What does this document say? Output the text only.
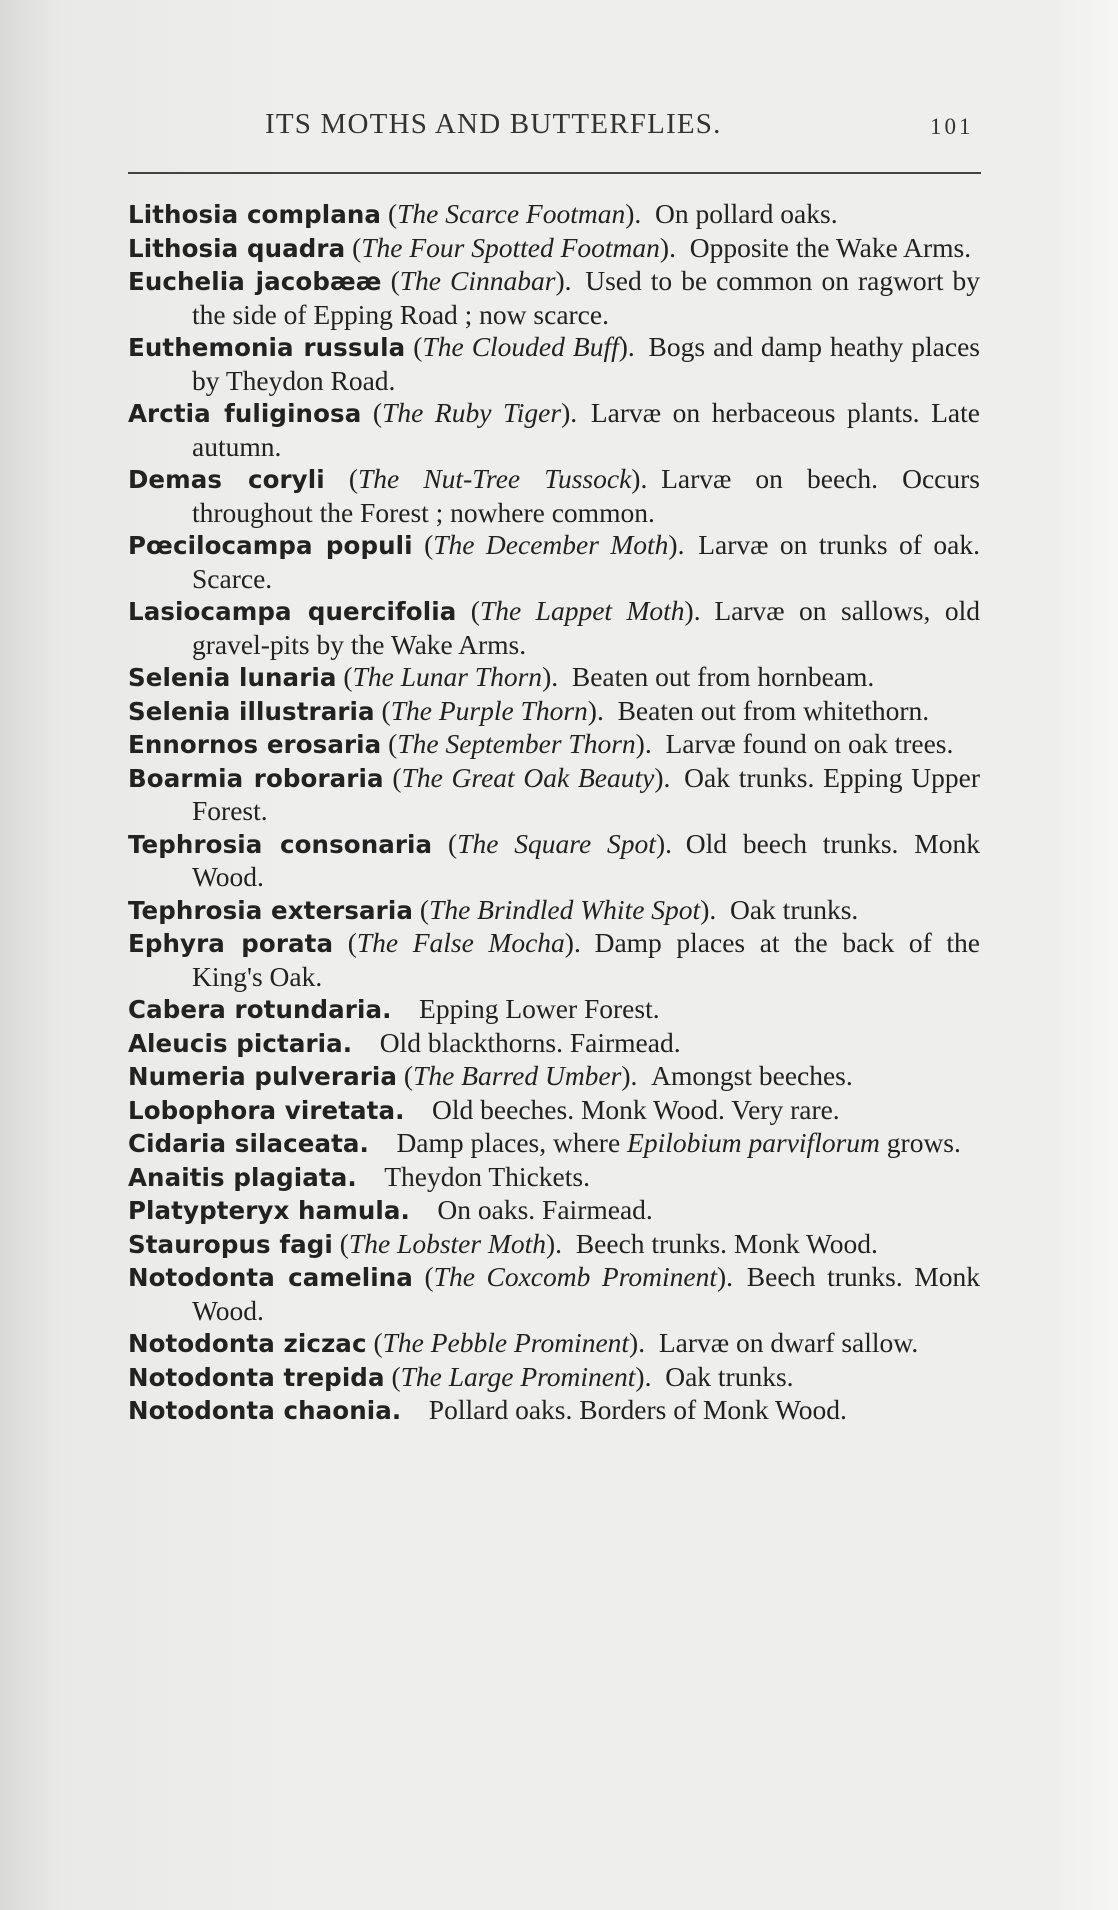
ITS MOTHS AND BUTTERFLIES.	101

Lithosia complana (The Scarce Footman).  On pollard oaks.

Lithosia quadra (The Four Spotted Footman).  Opposite the Wake Arms.

Euchelia jacobææ (The Cinnabar).  Used to be common on ragwort by the side of Epping Road ; now scarce.

Euthemonia russula (The Clouded Buff).  Bogs and damp heathy places by Theydon Road.

Arctia fuliginosa (The Ruby Tiger).  Larvæ on herbaceous plants. Late autumn.

Demas coryli (The Nut-Tree Tussock).  Larvæ on beech. Occurs throughout the Forest ; nowhere common.

Pœcilocampa populi (The December Moth).  Larvæ on trunks of oak. Scarce.

Lasiocampa quercifolia (The Lappet Moth).  Larvæ on sallows, old gravel-pits by the Wake Arms.

Selenia lunaria (The Lunar Thorn).  Beaten out from hornbeam.

Selenia illustraria (The Purple Thorn).  Beaten out from whitethorn.

Ennornos erosaria (The September Thorn).  Larvæ found on oak trees.

Boarmia roboraria (The Great Oak Beauty).  Oak trunks. Epping Upper Forest.

Tephrosia consonaria (The Square Spot).  Old beech trunks. Monk Wood.

Tephrosia extersaria (The Brindled White Spot).  Oak trunks.

Ephyra porata (The False Mocha).  Damp places at the back of the King's Oak.

Cabera rotundaria.  Epping Lower Forest.

Aleucis pictaria.  Old blackthorns. Fairmead.

Numeria pulveraria (The Barred Umber).  Amongst beeches.

Lobophora viretata.  Old beeches. Monk Wood. Very rare.

Cidaria silaceata.  Damp places, where Epilobium parviflorum grows.

Anaitis plagiata.  Theydon Thickets.

Platypteryx hamula.  On oaks. Fairmead.

Stauropus fagi (The Lobster Moth).  Beech trunks. Monk Wood.

Notodonta camelina (The Coxcomb Prominent).  Beech trunks. Monk Wood.

Notodonta ziczac (The Pebble Prominent).  Larvæ on dwarf sallow.

Notodonta trepida (The Large Prominent).  Oak trunks.

Notodonta chaonia.  Pollard oaks. Borders of Monk Wood.
